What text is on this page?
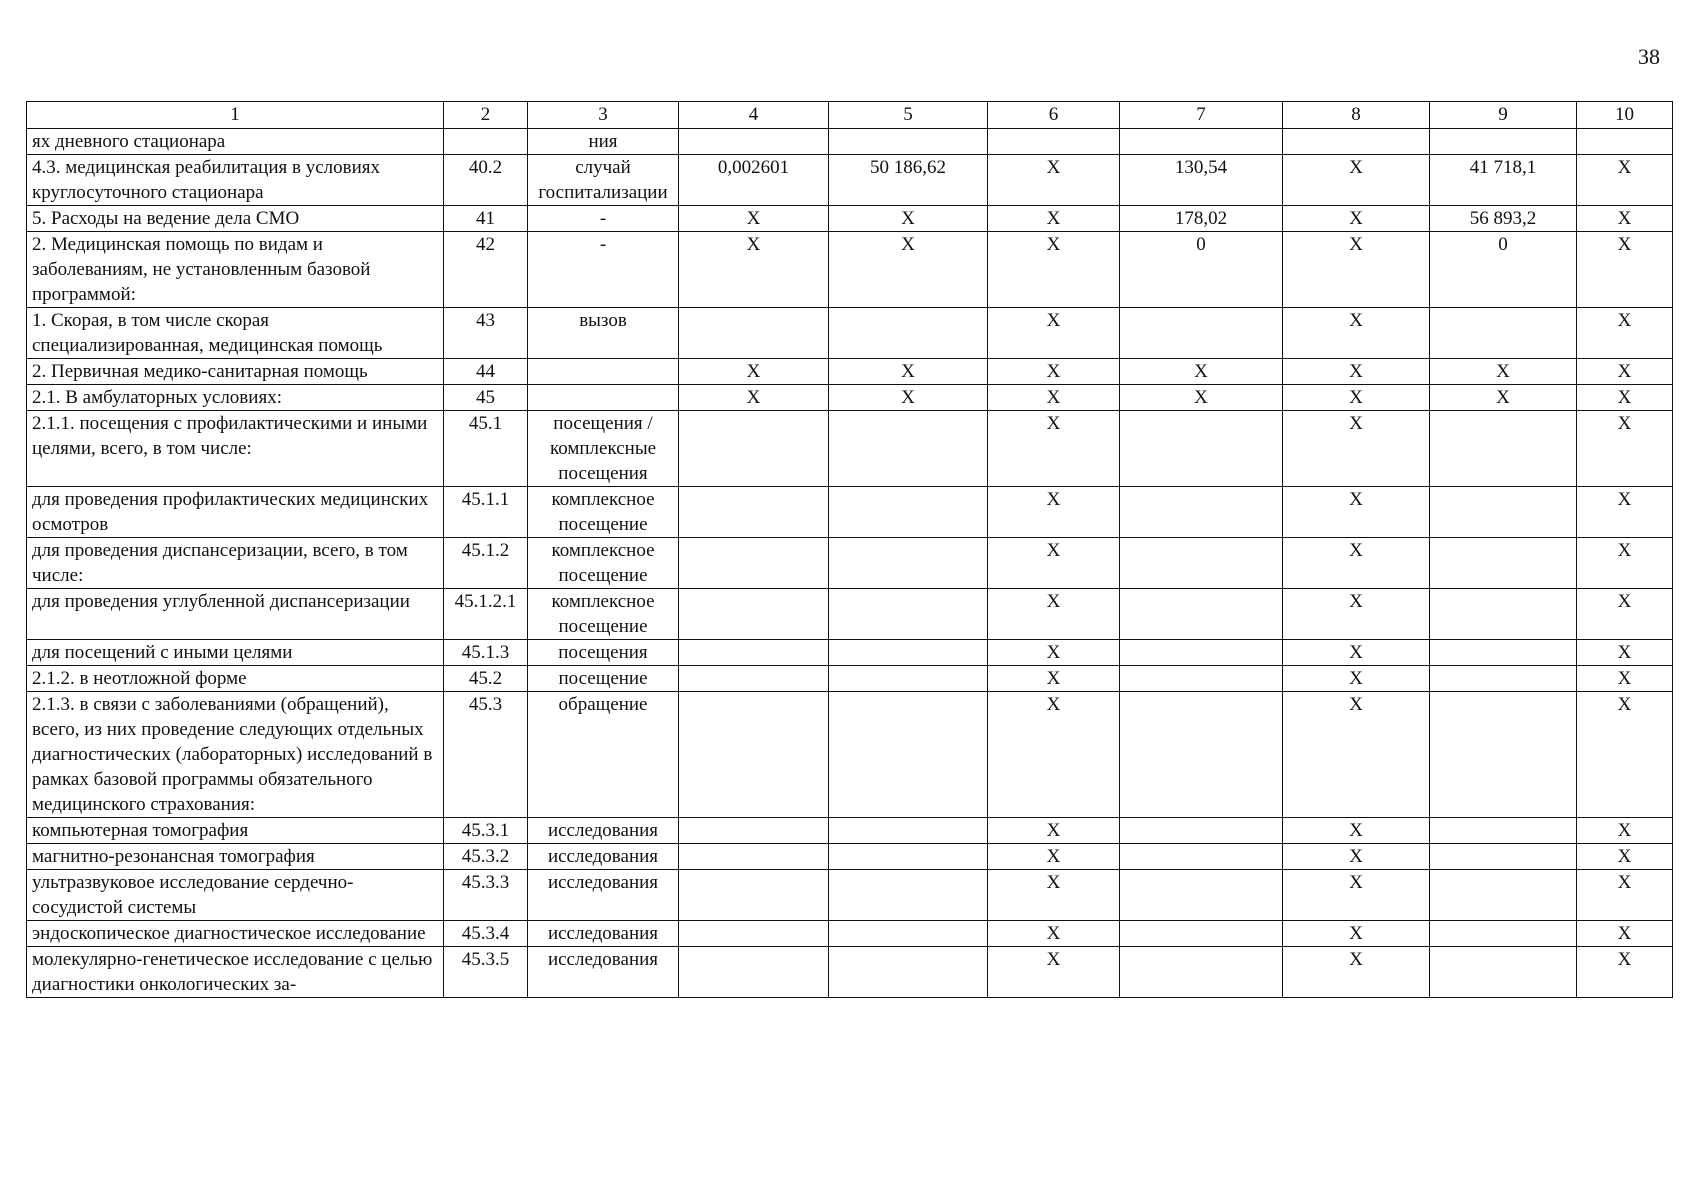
38
1	2	3	4	5	6	7	8	9	10
ях дневного стационара		ния							
4.3. медицинская реабилитация в условиях круглосуточного стационара	40.2	случай госпитализации	0,002601	50 186,62	X	130,54	X	41 718,1	X
5. Расходы на ведение дела СМО	41	-	X	X	X	178,02	X	56 893,2	X
2. Медицинская помощь по видам и заболеваниям, не установленным базовой программой:	42	-	X	X	X	0	X	0	X
1. Скорая, в том числе скорая специализированная, медицинская помощь	43	вызов			X		X		X
2. Первичная медико-санитарная помощь	44		X	X	X	X	X	X	X
2.1. В амбулаторных условиях:	45		X	X	X	X	X	X	X
2.1.1. посещения с профилактическими и иными целями, всего, в том числе:	45.1	посещения / комплексные посещения			X		X		X
для проведения профилактических медицинских осмотров	45.1.1	комплексное посещение			X		X		X
для проведения диспансеризации, всего, в том числе:	45.1.2	комплексное посещение			X		X		X
для проведения углубленной диспансеризации	45.1.2.1	комплексное посещение			X		X		X
для посещений с иными целями	45.1.3	посещения			X		X		X
2.1.2. в неотложной форме	45.2	посещение			X		X		X
2.1.3. в связи с заболеваниями (обращений), всего, из них проведение следующих отдельных диагностических (лабораторных) исследований в рамках базовой программы обязательного медицинского страхования:	45.3	обращение			X		X		X
компьютерная томография	45.3.1	исследования			X		X		X
магнитно-резонансная томография	45.3.2	исследования			X		X		X
ультразвуковое исследование сердечно-сосудистой системы	45.3.3	исследования			X		X		X
эндоскопическое диагностическое исследование	45.3.4	исследования			X		X		X
молекулярно-генетическое исследование с целью диагностики онкологических за-	45.3.5	исследования			X		X		X
